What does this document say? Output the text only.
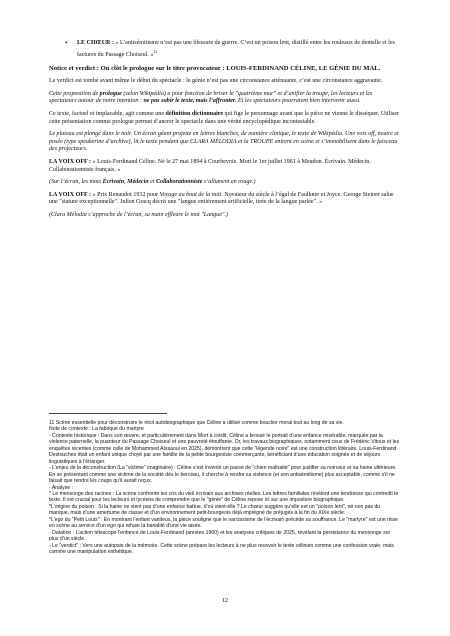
•	LE CHŒUR : « L’antisémitisme n’est pas une blessure de guerre. C’est un poison lent, distillé entre les rouleaux de dentelle et les factures du Passage Choiseul. »$^{11}$

Notice et verdict : On clôt le prologue sur le titre provocateur : LOUIS-FERDINAND CÉLINE, LE GÉNIE DU MAL.

Le verdict est tombé avant même le début du spectacle : le génie n’est pas une circonstance atténuante, c’est une circonstance aggravante.

Cette proposition de prologue (selon Wikipédia) a pour fonction de briser le "quatrième mur" et d’unifier la troupe, les lecteurs et les spectateurs autour de notre intention : ne pas subir le texte, mais l’affronter. Et les spectateurs pourraient bien intervenir aussi.

Ce texte, factuel et implacable, agit comme une définition dictionnaire qui fige le personnage avant que la pièce ne vienne le disséquer. Utiliser cette présentation comme prologue permet d’ancrer le spectacle dans une vérité encyclopédique incontestable.

Le plateau est plongé dans le noir. Un écran géant projette en lettres blanches, de manière clinique, le texte de Wikipédia. Une voix off, neutre et posée (type speakerine d’archive), lit le texte pendant que CLARA MÉLODIA et la TROUPE entrent en scène et s’immobilisent dans le faisceau des projecteurs.

LA VOIX OFF : « Louis-Ferdinand Céline. Né le 27 mai 1894 à Courbevoie. Mort le 1er juillet 1961 à Meudon. Écrivain. Médecin. Collaborationniste français. »

(Sur l’écran, les mots Écrivain, Médecin et Collaborationniste s’allument en rouge.)

LA VOIX OFF : « Prix Renaudot 1932 pour Voyage au bout de la nuit. Novateur du siècle à l’égal de Faulkner et Joyce. George Steiner salue une "stature exceptionnelle". Julien Gracq décrit une "langue entièrement artificielle, tirée de la langue parlée". »

(Clara Mélodia s’approche de l’écran, sa main effleure le mot "Langue".)

11 Scène essentielle pour déconstruire le récit autobiographique que Céline a utilisé comme bouclier moral tout au long de sa vie.
Note de contexte : La fabrique du martyre
- Contexte historique : Dans son œuvre, et particulièrement dans Mort à crédit, Céline a brossé le portrait d’une enfance misérable, marquée par la violence paternelle, la puanteur du Passage Choiseul et une pauvreté étouffante. Or, les travaux biographiques, notamment ceux de Frédéric Vitoux et les enquêtes récentes (comme celle de Mohammed Aïssaoui en 2025), démontrent que cette "légende noire" est une construction littéraire. Louis-Ferdinand Destouches était un enfant unique choyé par une famille de la petite bourgeoisie commerçante, bénéficiant d’une éducation soignée et de séjours linguistiques à l’étranger.
- L’enjeu de la déconstruction (La "victime" imaginaire) : Céline s’est inventé un passé de "chien maltraité" pour justifier sa noirceur et sa haine ultérieure. En se présentant comme une victime de la société dès le berceau, il cherche à rendre sa violence (et son antisémitisme) plus acceptable, comme s’il ne faisait que rendre les coups qu’il aurait reçus.
- Analyse :
* Le mensonge des racines : La scène confronte les cris du vieil écrivain aux archives réelles. Les lettres familiales révèlent une tendresse qui contredit le texte. Il est crucial pour les lecteurs et lycéens de comprendre que le "génie" de Céline repose ici sur une imposture biographique.
*L’origine du poison : Si la haine ne vient pas d’une enfance battue, d’où vient-elle ? Le chœur suggère qu’elle est un "poison lent", né non pas du manque, mais d’une amertume de classe et d’un environnement petit-bourgeois déjà imprégné de préjugés à la fin du XIXe siècle.
*L’ego du "Petit Louis" : En montrant l’enfant vaniteux, la pièce souligne que le narcissisme de l’écrivain précède sa souffrance. Le "martyre" est une mise en scène au service d’un ego qui refuse la banalité d’une vie aisée.
- Datation : L’action télescope l’enfance de Louis-Ferdinand (années 1900) et les analyses critiques de 2025, révélant la persistance du mensonge sur plus d’un siècle.
- Le "verdict" : Vers une autopsie de la mémoire. Cette scène prépare les lecteurs à ne plus recevoir le texte célinien comme une confession vraie, mais comme une manipulation esthétique.
12
